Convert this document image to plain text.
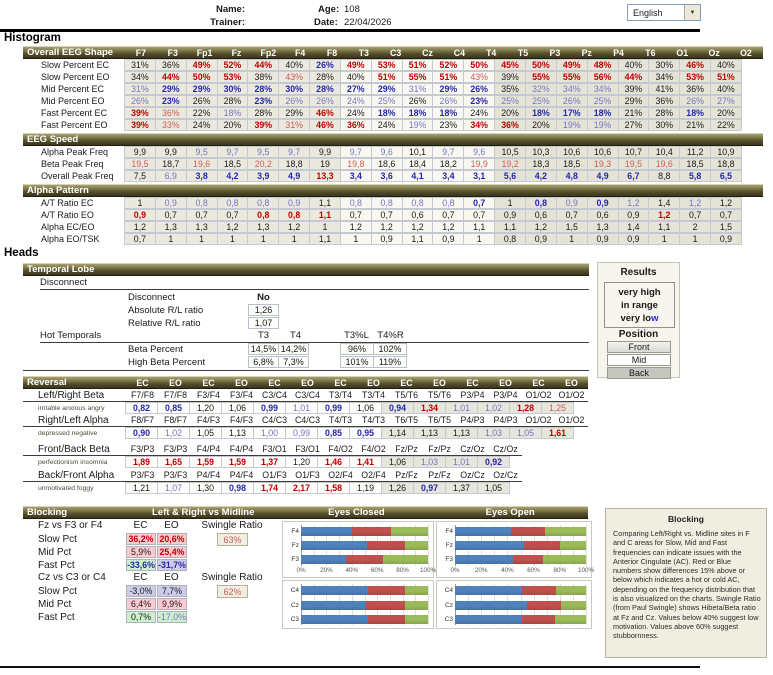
Name:
Trainer:
Age: 108
Date: 22/04/2026
English	▼
Histogram
Overall EEG Shape	F7	F3	Fp1	Fz	Fp2	F4	F8	T3	C3	Cz	C4	T4	T5	P3	Pz	P4	T6	O1	Oz	O2
Slow Percent EC	31%	36%	49%	52%	44%	40%	26%	49%	53%	51%	52%	50%	45%	50%	49%	48%	40%	30%	46%	40%
Slow Percent EO	34%	44%	50%	53%	38%	43%	28%	40%	51%	55%	51%	43%	39%	55%	55%	56%	44%	34%	53%	51%
Mid Percent EC	31%	29%	29%	30%	28%	30%	28%	27%	29%	31%	29%	26%	35%	32%	34%	34%	39%	41%	36%	40%
Mid Percent EO	26%	23%	26%	28%	23%	26%	26%	24%	25%	26%	26%	23%	25%	25%	26%	25%	29%	36%	26%	27%
Fast Percent EC	39%	36%	22%	18%	28%	29%	46%	24%	18%	18%	18%	24%	20%	18%	17%	18%	21%	28%	18%	20%
Fast Percent EO	39%	33%	24%	20%	39%	31%	46%	36%	24%	19%	23%	34%	36%	20%	19%	19%	27%	30%	21%	22%
EEG Speed
Alpha Peak Freq	9,9	9,9	9,5	9,7	9,5	9,7	9,9	9,7	9,6	10,1	9,7	9,6	10,5	10,3	10,6	10,6	10,7	10,4	11,2	10,9
Beta Peak Freq	19,5	18,7	19,6	18,5	20,2	18,8	19	19,8	18,6	18,4	18,2	19,9	19,2	18,3	18,5	19,3	19,5	19,6	18,5	18,8
Overall Peak Freq	7,5	6,9	3,8	4,2	3,9	4,9	13,3	3,4	3,6	4,1	3,4	3,1	5,6	4,2	4,8	4,9	6,7	8,8	5,8	6,5
Alpha Pattern
A/T Ratio EC	1	0,9	0,8	0,8	0,8	0,9	1,1	0,8	0,8	0,8	0,8	0,7	1	0,8	0,9	0,9	1,2	1,4	1,2	1,2
A/T Ratio EO	0,9	0,7	0,7	0,7	0,8	0,8	1,1	0,7	0,7	0,6	0,7	0,7	0,9	0,6	0,7	0,6	0,9	1,2	0,7	0,7
Alpha EC/EO	1,2	1,3	1,3	1,2	1,3	1,2	1	1,2	1,2	1,2	1,2	1,1	1,1	1,2	1,5	1,3	1,4	1,1	2	1,5
Alpha EO/TSK	0,7	1	1	1	1	1	1,1	1	0,9	1,1	0,9	1	0,8	0,9	1	0,9	0,9	1	1	0,9
Heads
Temporal Lobe
Disconnect
Disconnect	No
Absolute R/L ratio	1,26
Relative R/L ratio	1,07
Hot Temporals	T3	T4	T3%L T4%R
Beta Percent	14,5% 14,2%	96%	102%
High Beta Percent	6,8%	7,3%	101%	119%
Results
very high
in range
very low
Position
Front
Mid
Back
Reversal	EC	EO	EC	EO	EC	EO	EC	EO	EC	EO	EC	EO	EC	EO
Left/Right Beta	F7/F8	F7/F8	F3/F4	F3/F4	C3/C4 C3/C4	T3/T4	T3/T4	T5/T6	T5/T6	P3/P4	P3/P4 O1/O2 O1/O2
irritable anxious angry	0,82	0,85	1,20	1,06	0,99	1,01	0,99	1,06	0,94	1,34	1,01	1,02	1,28	1,25
Right/Left Alpha	F8/F7	F8/F7	F4/F3	F4/F3	C4/C3 C4/C3	T4/T3	T4/T3	T6/T5	T6/T5	P4/P3	P4/P3 O1/O2 O1/O2
depressed negative	0,90	1,02	1,05	1,13	1,00	0,99	0,85	0,95	1,14	1,13	1,13	1,03	1,05	1,61
Front/Back Beta	F3/P3	F3/P3	F4/P4	F4/P4	F3/O1 F3/O1 F4/O2 F4/O2	Fz/Pz	Fz/Pz	Cz/Oz Cz/Oz
perfectionism insomnia	1,89	1,65	1,59	1,59	1,37	1,20	1,46	1,41	1,06	1,03	1,01	0,92
Back/Front Alpha	P3/F3	P3/F3	P4/F4	P4/F4	O1/F3 O1/F3 O2/F4 O2/F4	Pz/Fz	Pz/Fz	Oz/Cz Oz/Cz
unmotivated foggy	1,21	1,07	1,30	0,98	1,74	2,17	1,58	1,19	1,26	0,97	1,37	1,05
Blocking	Left & Right vs Midline	Eyes Closed	Eyes Open
Fz vs F3 or F4	EC	EO	Swingle Ratio
63%
Slow Pct	36,2% 20,6%
Mid Pct	5,9% 25,4%
Fast Pct	-33,6% -31,7%
Cz vs C3 or C4	EC	EO	Swingle Ratio
62%
Slow Pct	-3,0%	7,7%
Mid Pct	6,4%	9,9%
Fast Pct	0,7% -17,0%
F4
Fz
F3
0% 20% 40% 60% 80% 100%
C4
Cz
C3
F4
Fz
F3
0% 20% 40% 60% 80% 100%
C4
Cz
C3
Blocking
Comparing Left/Right vs. Midline sites in F and C areas for Slow, Mid and Fast frequencies can indicate issues with the Anterior Cingulate (AC). Red or Blue numbers show differences 15% above or below which indicates a hot or cold AC, depending on the frequency distribution that is also visualized on the charts. Swingle Ratio (from Paul Swingle) shows Hibeta/Beta ratio at Fz and Cz. Values below 40% suggest low motivation. Values above 60% suggest stubbornness.
